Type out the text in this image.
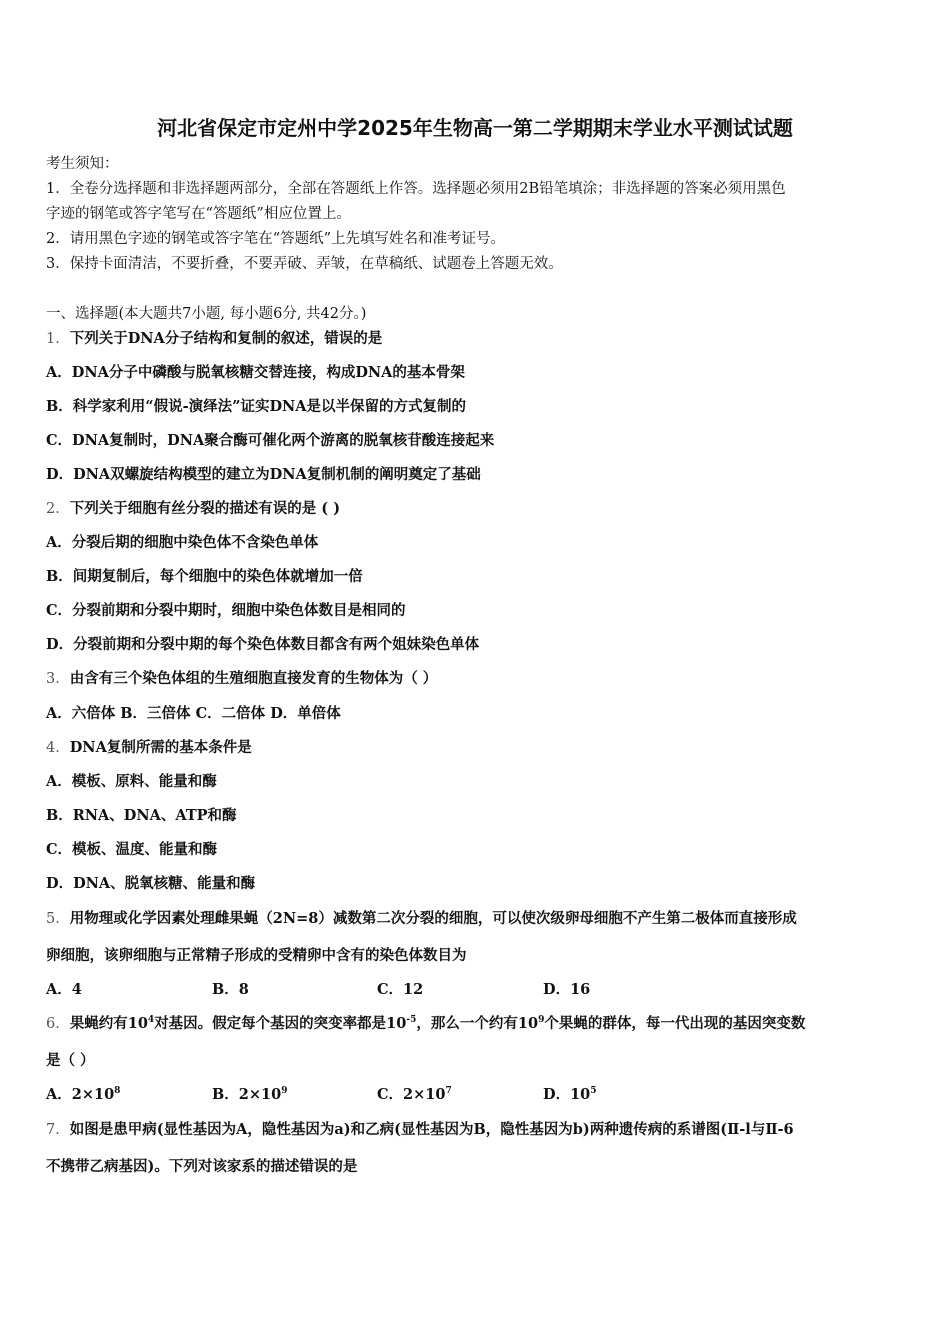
河北省保定市定州中学2025年生物高一第二学期期末学业水平测试试题
考生须知：
1．全卷分选择题和非选择题两部分，全部在答题纸上作答。选择题必须用2B铅笔填涂；非选择题的答案必须用黑色
字迹的钢笔或答字笔写在“答题纸”相应位置上。
2．请用黑色字迹的钢笔或答字笔在“答题纸”上先填写姓名和准考证号。
3．保持卡面清洁，不要折叠，不要弄破、弄皱，在草稿纸、试题卷上答题无效。
一、选择题(本大题共7小题, 每小题6分, 共42分。)
1．下列关于DNA分子结构和复制的叙述，错误的是
A．DNA分子中磷酸与脱氧核糖交替连接，构成DNA的基本骨架
B．科学家利用“假说-演绎法”证实DNA是以半保留的方式复制的
C．DNA复制时，DNA聚合酶可催化两个游离的脱氧核苷酸连接起来
D．DNA双螺旋结构模型的建立为DNA复制机制的阐明奠定了基础
2．下列关于细胞有丝分裂的描述有误的是 ( )
A．分裂后期的细胞中染色体不含染色单体
B．间期复制后，每个细胞中的染色体就增加一倍
C．分裂前期和分裂中期时，细胞中染色体数目是相同的
D．分裂前期和分裂中期的每个染色体数目都含有两个姐妹染色单体
3．由含有三个染色体组的生殖细胞直接发育的生物体为（ ）
A．六倍体 B．三倍体 C．二倍体 D．单倍体
4．DNA复制所需的基本条件是
A．模板、原料、能量和酶
B．RNA、DNA、ATP和酶
C．模板、温度、能量和酶
D．DNA、脱氧核糖、能量和酶
5．用物理或化学因素处理雌果蝇（2N=8）减数第二次分裂的细胞，可以使次级卵母细胞不产生第二极体而直接形成
卵细胞，该卵细胞与正常精子形成的受精卵中含有的染色体数目为
A．4	B．8	C．12	D．16
6．果蝇约有$10^4$对基因。假定每个基因的突变率都是$10^{-5}$，那么一个约有$10^9$个果蝇的群体，每一代出现的基因突变数
是（ ）
A．$2\times 10^8$	B．$2\times 10^9$	C．$2\times 10^7$	D．$10^5$
7．如图是患甲病(显性基因为A，隐性基因为a)和乙病(显性基因为B，隐性基因为b)两种遗传病的系谱图(Ⅱ-l与Ⅱ-6
不携带乙病基因)。下列对该家系的描述错误的是
